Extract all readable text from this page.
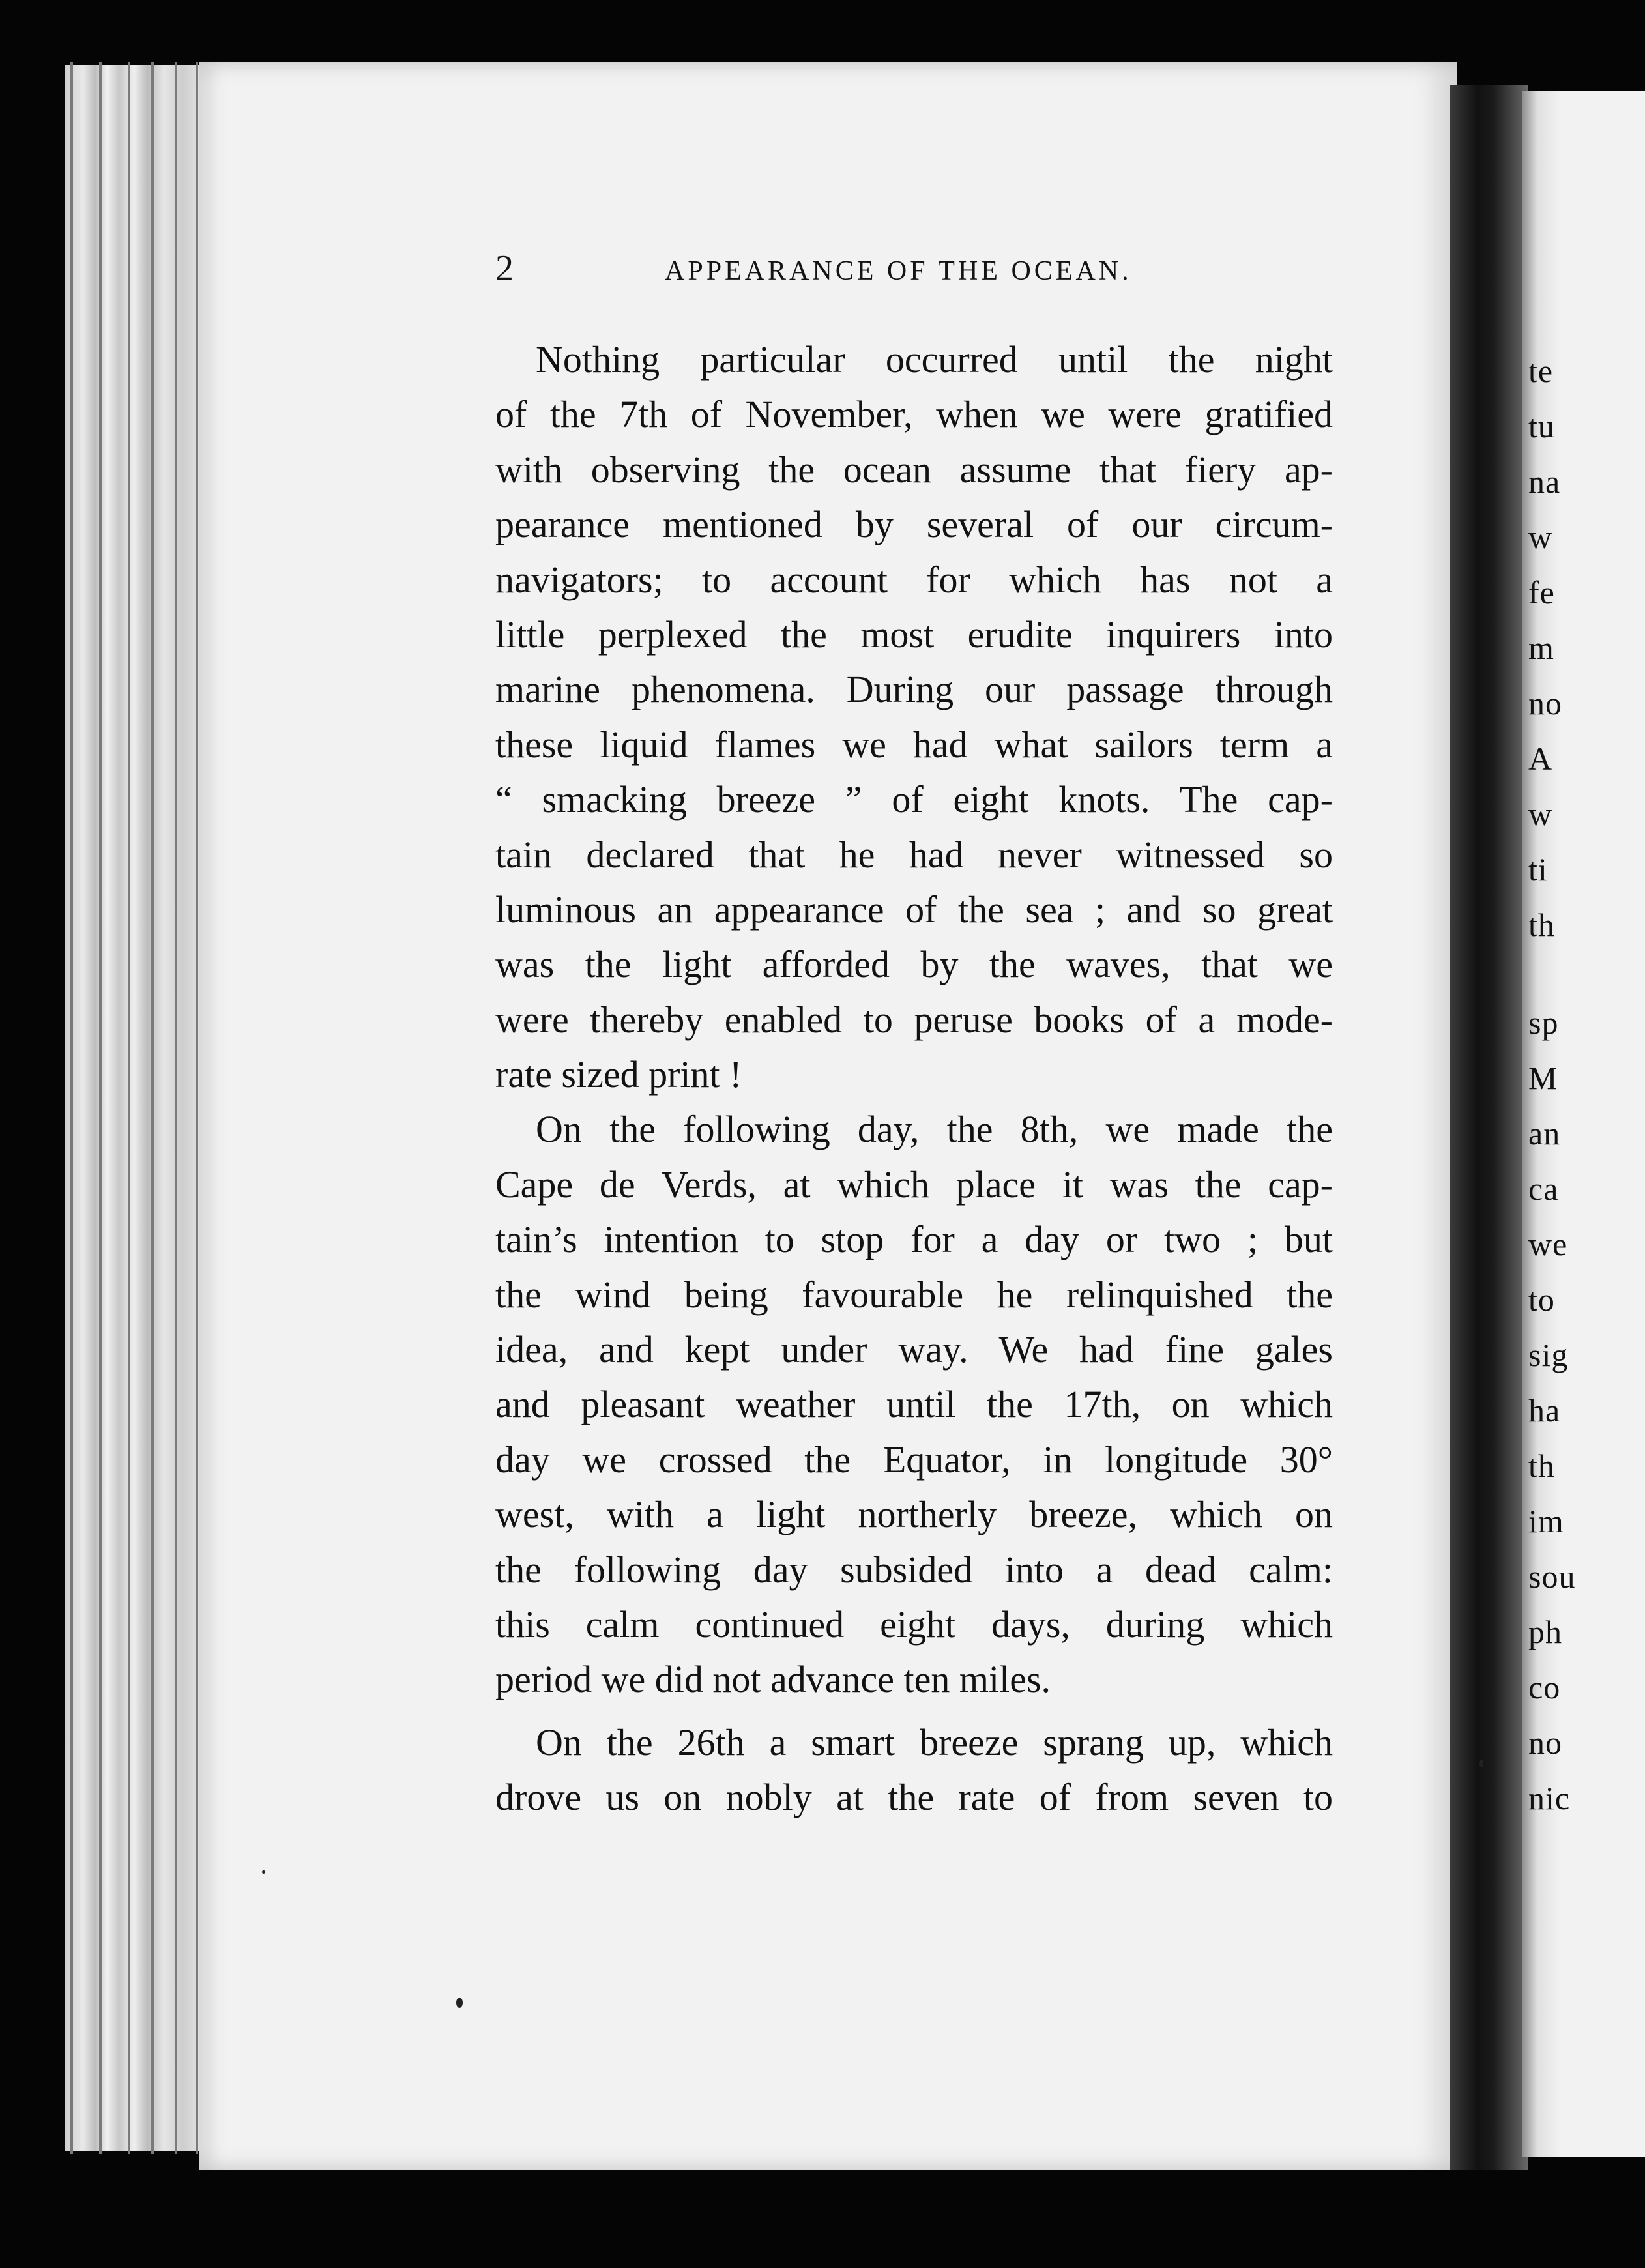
te
tu
na
w
fe
m
no
A
w
ti
th
sp
M
an
ca
we
to
sig
ha
th
im
sou
ph
co
no
nic
2	APPEARANCE OF THE OCEAN.
Nothing particular occurred until the night
of the 7th of November, when we were gratified
with observing the ocean assume that fiery ap-
pearance mentioned by several of our circum-
navigators; to account for which has not a
little perplexed the most erudite inquirers into
marine phenomena. During our passage through
these liquid flames we had what sailors term a
“ smacking breeze ” of eight knots. The cap-
tain declared that he had never witnessed so
luminous an appearance of the sea ; and so great
was the light afforded by the waves, that we
were thereby enabled to peruse books of a mode-
rate sized print !
On the following day, the 8th, we made the
Cape de Verds, at which place it was the cap-
tain’s intention to stop for a day or two ; but
the wind being favourable he relinquished the
idea, and kept under way. We had fine gales
and pleasant weather until the 17th, on which
day we crossed the Equator, in longitude 30°
west, with a light northerly breeze, which on
the following day subsided into a dead calm:
this calm continued eight days, during which
period we did not advance ten miles.
On the 26th a smart breeze sprang up, which
drove us on nobly at the rate of from seven to
